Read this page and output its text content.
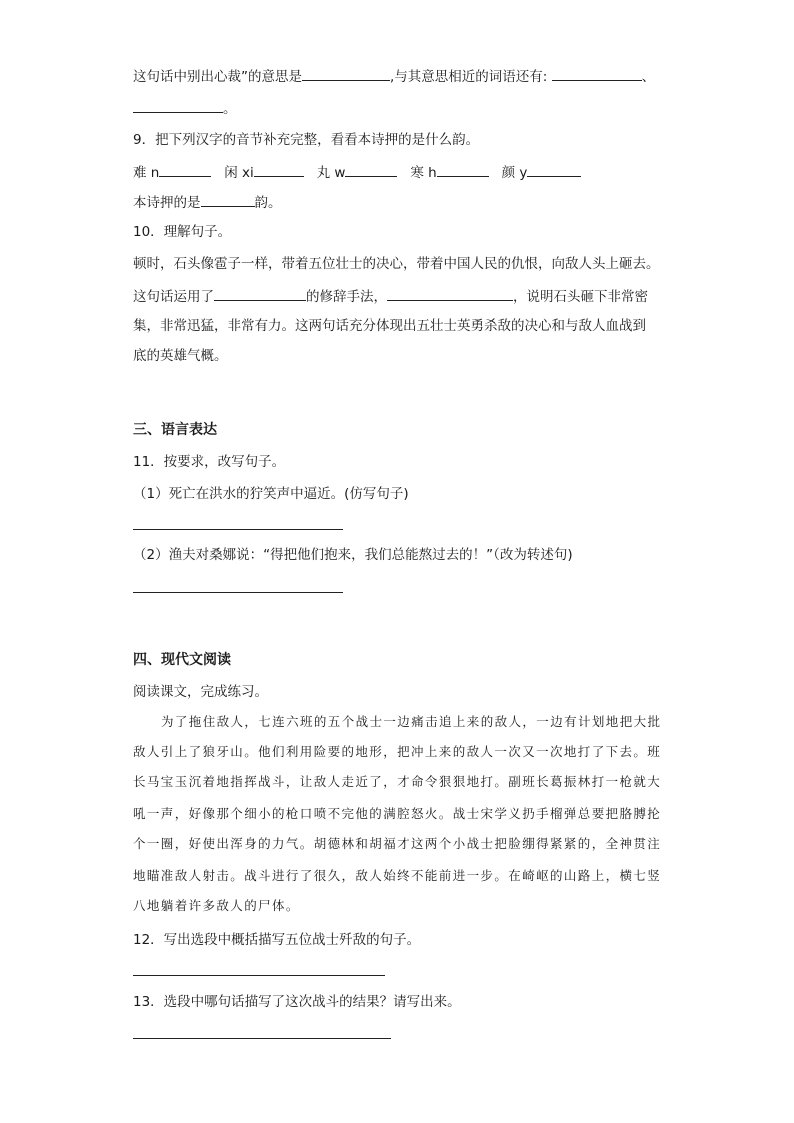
这句话中别出心裁”的意思是	,与其意思相近的词语还有:	、
。
9．把下列汉字的音节补充完整，看看本诗押的是什么韵。
难 n	闲 xi	丸 w	寒 h	颜 y
本诗押的是	韵。
10．理解句子。
顿时，石头像雹子一样，带着五位壮士的决心，带着中国人民的仇恨，向敌人头上砸去。
这句话运用了	的修辞手法，	，说明石头砸下非常密
集，非常迅猛，非常有力。这两句话充分体现出五壮士英勇杀敌的决心和与敌人血战到
底的英雄气概。
三、语言表达
11．按要求，改写句子。
（1）死亡在洪水的狞笑声中逼近。(仿写句子)
（2）渔夫对桑娜说：“得把他们抱来，我们总能熬过去的！”（改为转述句)
四、现代文阅读
阅读课文，完成练习。
为了拖住敌人，七连六班的五个战士一边痛击追上来的敌人，一边有计划地把大批
敌人引上了狼牙山。他们利用险要的地形，把冲上来的敌人一次又一次地打了下去。班
长马宝玉沉着地指挥战斗，让敌人走近了，才命令狠狠地打。副班长葛振林打一枪就大
吼一声，好像那个细小的枪口喷不完他的满腔怒火。战士宋学义扔手榴弹总要把胳膊抡
个一圈，好使出浑身的力气。胡德林和胡福才这两个小战士把脸绷得紧紧的，全神贯注
地瞄准敌人射击。战斗进行了很久，敌人始终不能前进一步。在崎岖的山路上，横七竖
八地躺着许多敌人的尸体。
12．写出选段中概括描写五位战士歼敌的句子。
13．选段中哪句话描写了这次战斗的结果？请写出来。
